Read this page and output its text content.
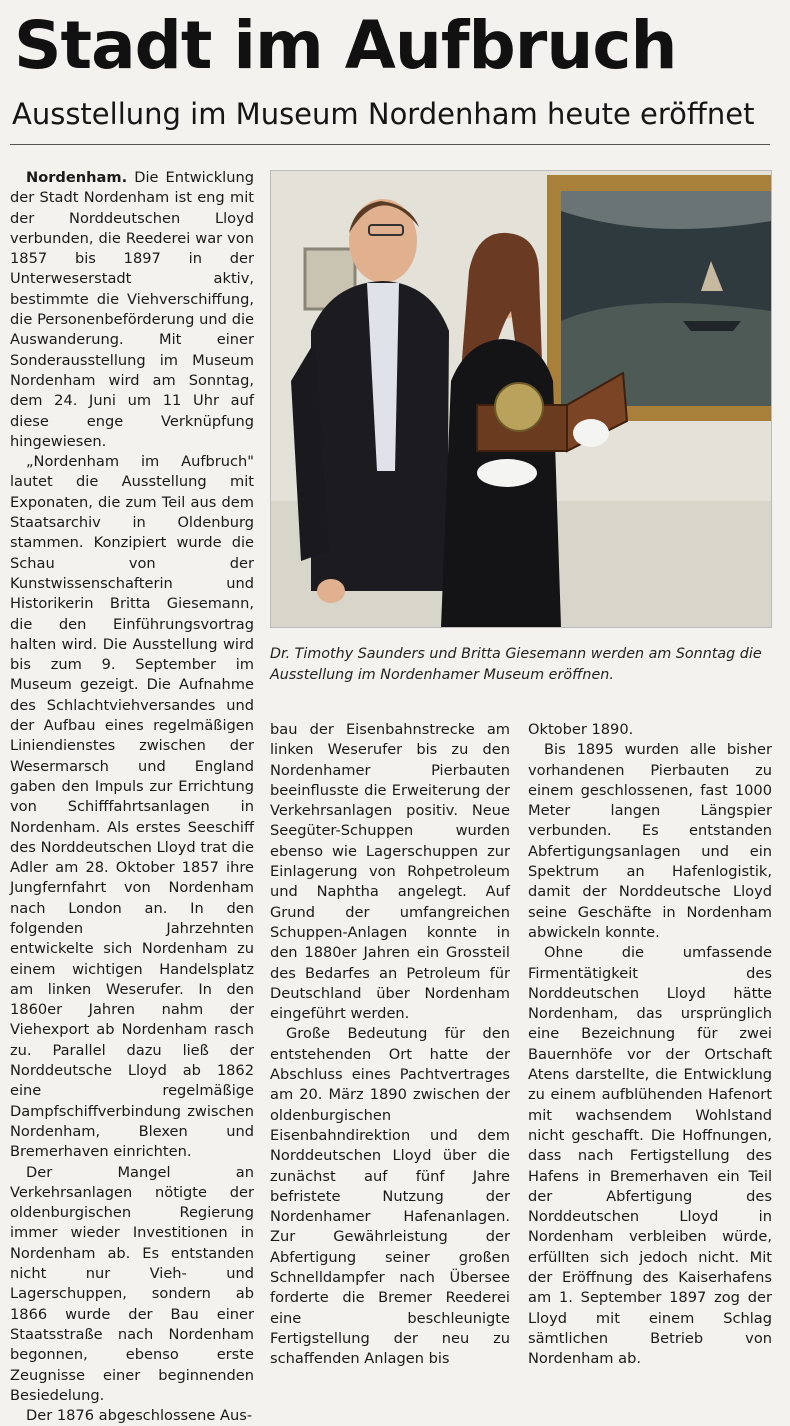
Stadt im Aufbruch
Ausstellung im Museum Nordenham heute eröffnet

Nordenham. Die Entwicklung der Stadt Nordenham ist eng mit der Norddeutschen Lloyd verbunden, die Reederei war von 1857 bis 1897 in der Unterweserstadt aktiv, bestimmte die Viehverschiffung, die Personenbeförderung und die Auswanderung. Mit einer Sonderausstellung im Museum Nordenham wird am Sonntag, dem 24. Juni um 11 Uhr auf diese enge Verknüpfung hingewiesen.

„Nordenham im Aufbruch" lautet die Ausstellung mit Exponaten, die zum Teil aus dem Staatsarchiv in Oldenburg stammen. Konzipiert wurde die Schau von der Kunstwissenschafterin und Historikerin Britta Giesemann, die den Einführungsvortrag halten wird. Die Ausstellung wird bis zum 9. September im Museum gezeigt. Die Aufnahme des Schlachtviehversandes und der Aufbau eines regelmäßigen Liniendienstes zwischen der Wesermarsch und England gaben den Impuls zur Errichtung von Schifffahrtsanlagen in Nordenham. Als erstes Seeschiff des Norddeutschen Lloyd trat die Adler am 28. Oktober 1857 ihre Jungfernfahrt von Nordenham nach London an. In den folgenden Jahrzehnten entwickelte sich Nordenham zu einem wichtigen Handelsplatz am linken Weserufer. In den 1860er Jahren nahm der Viehexport ab Nordenham rasch zu. Parallel dazu ließ der Norddeutsche Lloyd ab 1862 eine regelmäßige Dampfschiffverbindung zwischen Nordenham, Blexen und Bremerhaven einrichten.

Der Mangel an Verkehrsanlagen nötigte der oldenburgischen Regierung immer wieder Investitionen in Nordenham ab. Es entstanden nicht nur Vieh- und Lagerschuppen, sondern ab 1866 wurde der Bau einer Staatsstraße nach Nordenham begonnen, ebenso erste Zeugnisse einer beginnenden Besiedelung.

Der 1876 abgeschlossene Aus-

Dr. Timothy Saunders und Britta Giesemann werden am Sonntag die Ausstellung im Nordenhamer Museum eröffnen.

bau der Eisenbahnstrecke am linken Weserufer bis zu den Nordenhamer Pierbauten beeinflusste die Erweiterung der Verkehrsanlagen positiv. Neue Seegüter-Schuppen wurden ebenso wie Lagerschuppen zur Einlagerung von Rohpetroleum und Naphtha angelegt. Auf Grund der umfangreichen Schuppen-Anlagen konnte in den 1880er Jahren ein Grossteil des Bedarfes an Petroleum für Deutschland über Nordenham eingeführt werden.

Große Bedeutung für den entstehenden Ort hatte der Abschluss eines Pachtvertrages am 20. März 1890 zwischen der oldenburgischen Eisenbahndirektion und dem Norddeutschen Lloyd über die zunächst auf fünf Jahre befristete Nutzung der Nordenhamer Hafenanlagen. Zur Gewährleistung der Abfertigung seiner großen Schnelldampfer nach Übersee forderte die Bremer Reederei eine beschleunigte Fertigstellung der neu zu schaffenden Anlagen bis

Oktober 1890.

Bis 1895 wurden alle bisher vorhandenen Pierbauten zu einem geschlossenen, fast 1000 Meter langen Längspier verbunden. Es entstanden Abfertigungsanlagen und ein Spektrum an Hafenlogistik, damit der Norddeutsche Lloyd seine Geschäfte in Nordenham abwickeln konnte.

Ohne die umfassende Firmentätigkeit des Norddeutschen Lloyd hätte Nordenham, das ursprünglich eine Bezeichnung für zwei Bauernhöfe vor der Ortschaft Atens darstellte, die Entwicklung zu einem aufblühenden Hafenort mit wachsendem Wohlstand nicht geschafft. Die Hoffnungen, dass nach Fertigstellung des Hafens in Bremerhaven ein Teil der Abfertigung des Norddeutschen Lloyd in Nordenham verbleiben würde, erfüllten sich jedoch nicht. Mit der Eröffnung des Kaiserhafens am 1. September 1897 zog der Lloyd mit einem Schlag sämtlichen Betrieb von Nordenham ab.
